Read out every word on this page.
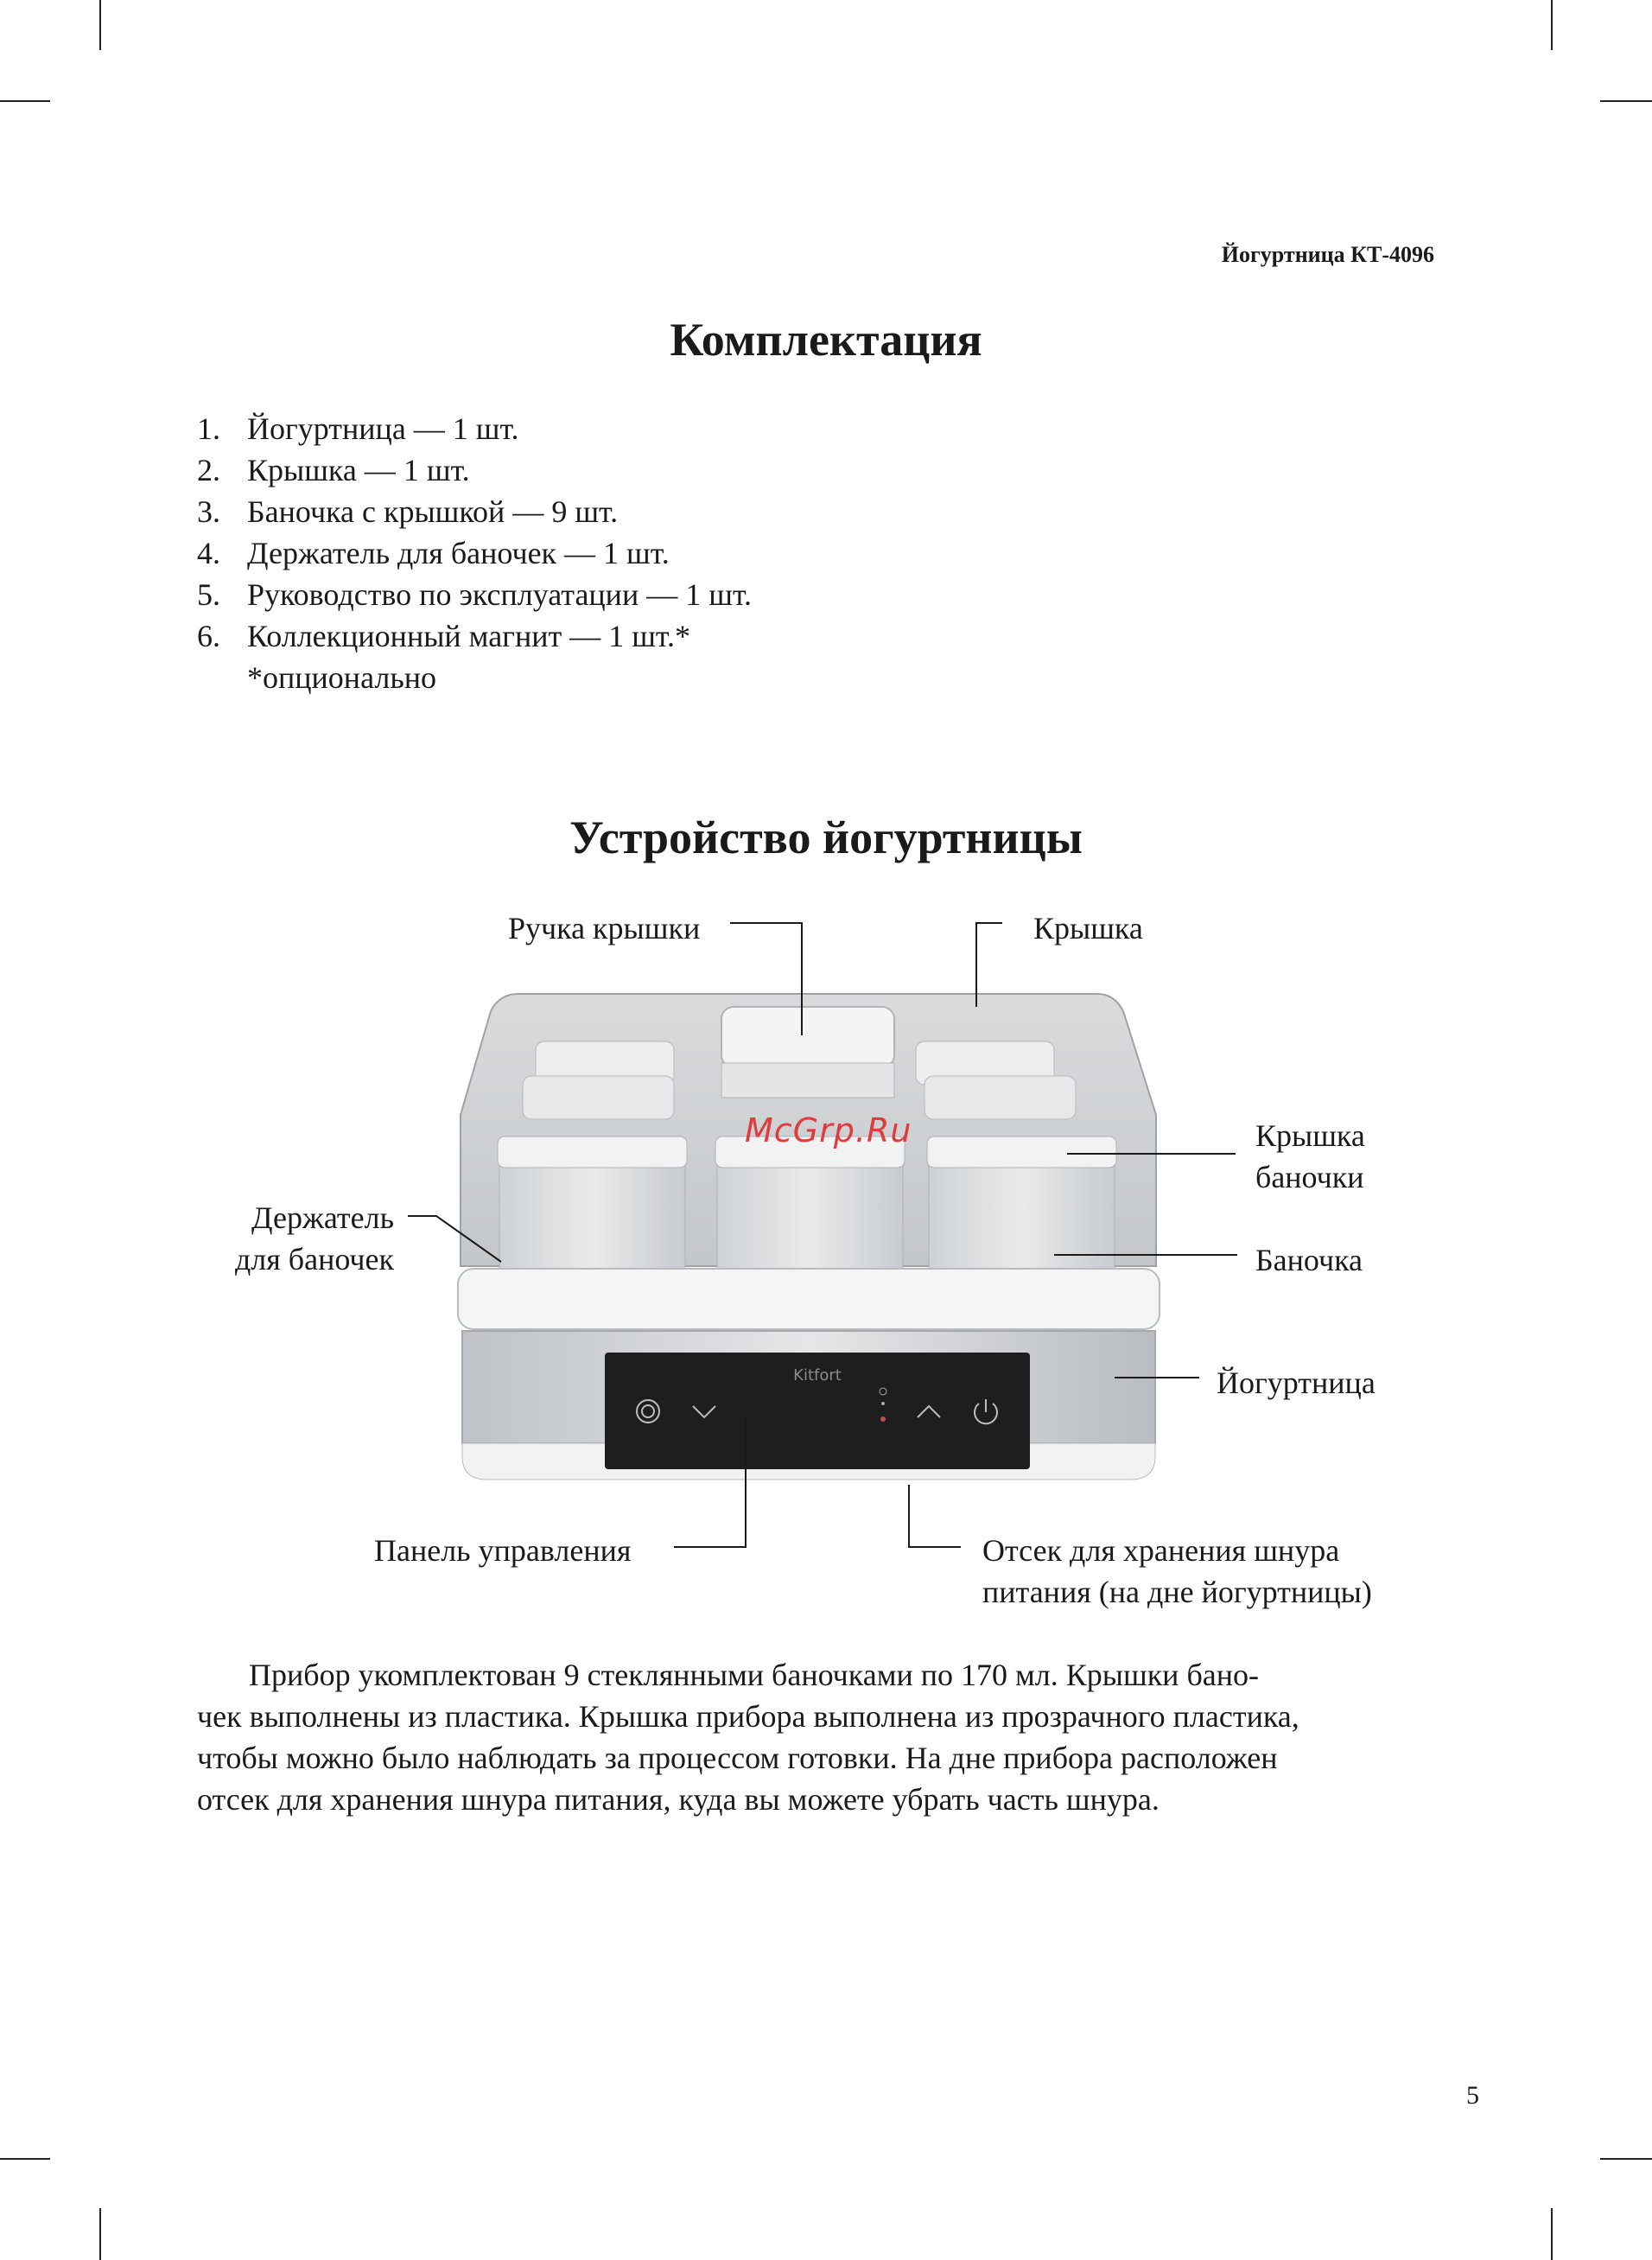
Йогуртница КТ-4096
Комплектация
1. Йогуртница — 1 шт.
2. Крышка — 1 шт.
3. Баночка с крышкой — 9 шт.
4. Держатель для баночек — 1 шт.
5. Руководство по эксплуатации — 1 шт.
6. Коллекционный магнит — 1 шт.*
*опционально
Устройство йогуртницы
Kitfort
McGrp.Ru
Ручка крышки	Крышка
Крышка
баночки
Держатель
для баночек	Баночка
Йогуртница
Панель управления	Отсек для хранения шнура
питания (на дне йогуртницы)

Прибор укомплектован 9 стеклянными баночками по 170 мл. Крышки бано-

чек выполнены из пластика. Крышка прибора выполнена из прозрачного пластика,
чтобы можно было наблюдать за процессом готовки. На дне прибора расположен
отсек для хранения шнура питания, куда вы можете убрать часть шнура.
5
